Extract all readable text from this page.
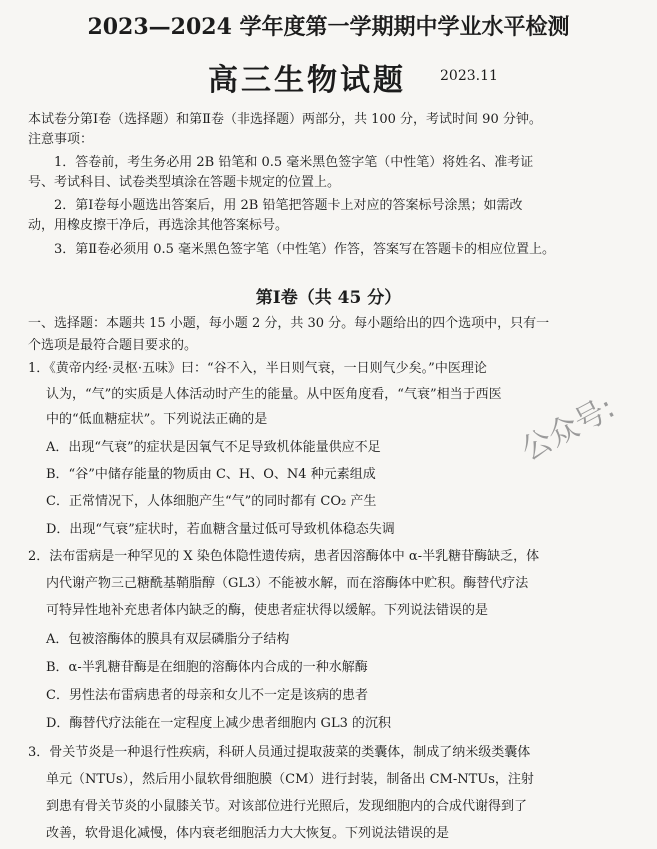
2023—2024 学年度第一学期期中学业水平检测
高三生物试题 2023.11
本试卷分第Ⅰ卷（选择题）和第Ⅱ卷（非选择题）两部分，共 100 分，考试时间 90 分钟。
注意事项：
1．答卷前，考生务必用 2B 铅笔和 0.5 毫米黑色签字笔（中性笔）将姓名、准考证
号、考试科目、试卷类型填涂在答题卡规定的位置上。
2．第Ⅰ卷每小题选出答案后，用 2B 铅笔把答题卡上对应的答案标号涂黑；如需改
动，用橡皮擦干净后，再选涂其他答案标号。
3．第Ⅱ卷必须用 0.5 毫米黑色签字笔（中性笔）作答，答案写在答题卡的相应位置上。
第Ⅰ卷（共 45 分）
一、选择题：本题共 15 小题，每小题 2 分，共 30 分。每小题给出的四个选项中，只有一
个选项是最符合题目要求的。
1．《黄帝内经·灵枢·五味》曰：“谷不入，半日则气衰，一日则气少矣。”中医理论
认为，“气”的实质是人体活动时产生的能量。从中医角度看，“气衰”相当于西医
中的“低血糖症状”。下列说法正确的是
A．出现“气衰”的症状是因氧气不足导致机体能量供应不足
B．“谷”中储存能量的物质由 C、H、O、N4 种元素组成
C．正常情况下，人体细胞产生“气”的同时都有 CO₂ 产生
D．出现“气衰”症状时，若血糖含量过低可导致机体稳态失调
2．法布雷病是一种罕见的 X 染色体隐性遗传病，患者因溶酶体中 α-半乳糖苷酶缺乏，体
内代谢产物三己糖酰基鞘脂醇（GL3）不能被水解，而在溶酶体中贮积。酶替代疗法
可特异性地补充患者体内缺乏的酶，使患者症状得以缓解。下列说法错误的是
A．包被溶酶体的膜具有双层磷脂分子结构
B．α-半乳糖苷酶是在细胞的溶酶体内合成的一种水解酶
C．男性法布雷病患者的母亲和女儿不一定是该病的患者
D．酶替代疗法能在一定程度上减少患者细胞内 GL3 的沉积
3．骨关节炎是一种退行性疾病，科研人员通过提取菠菜的类囊体，制成了纳米级类囊体
单元（NTUs），然后用小鼠软骨细胞膜（CM）进行封装，制备出 CM-NTUs，注射
到患有骨关节炎的小鼠膝关节。对该部位进行光照后，发现细胞内的合成代谢得到了
改善，软骨退化减慢，体内衰老细胞活力大大恢复。下列说法错误的是
公众号:
